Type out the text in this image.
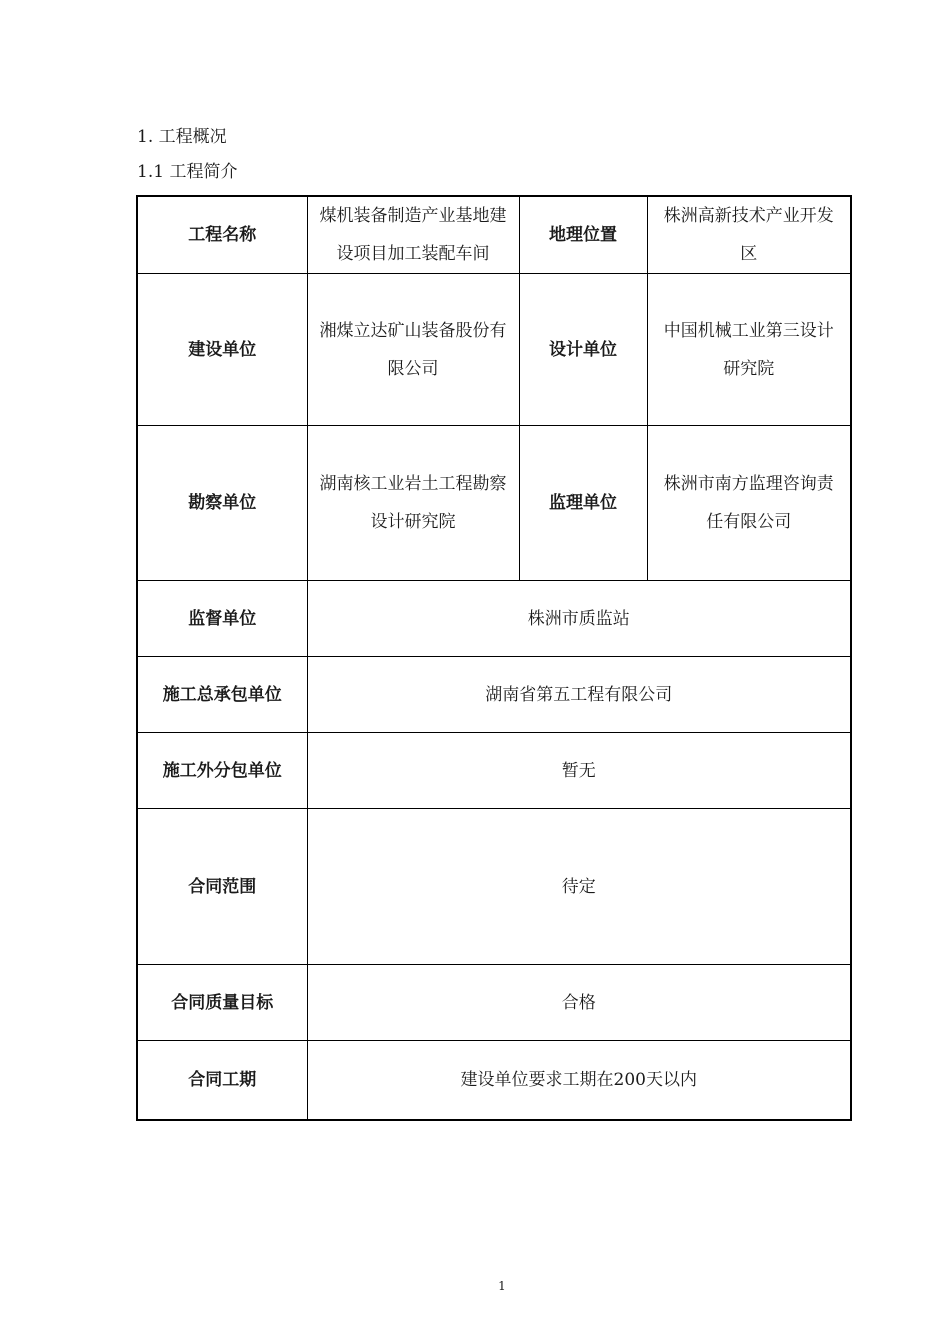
1. 工程概况
1.1 工程简介
工程名称	煤机装备制造产业基地建设项目加工装配车间	地理位置	株洲高新技术产业开发区
建设单位	湘煤立达矿山装备股份有限公司	设计单位	中国机械工业第三设计研究院
勘察单位	湖南核工业岩土工程勘察设计研究院	监理单位	株洲市南方监理咨询责任有限公司
监督单位	株洲市质监站		
施工总承包单位	湖南省第五工程有限公司		
施工外分包单位	暂无		
合同范围	待定		
合同质量目标	合格		
合同工期	建设单位要求工期在200天以内		
1
